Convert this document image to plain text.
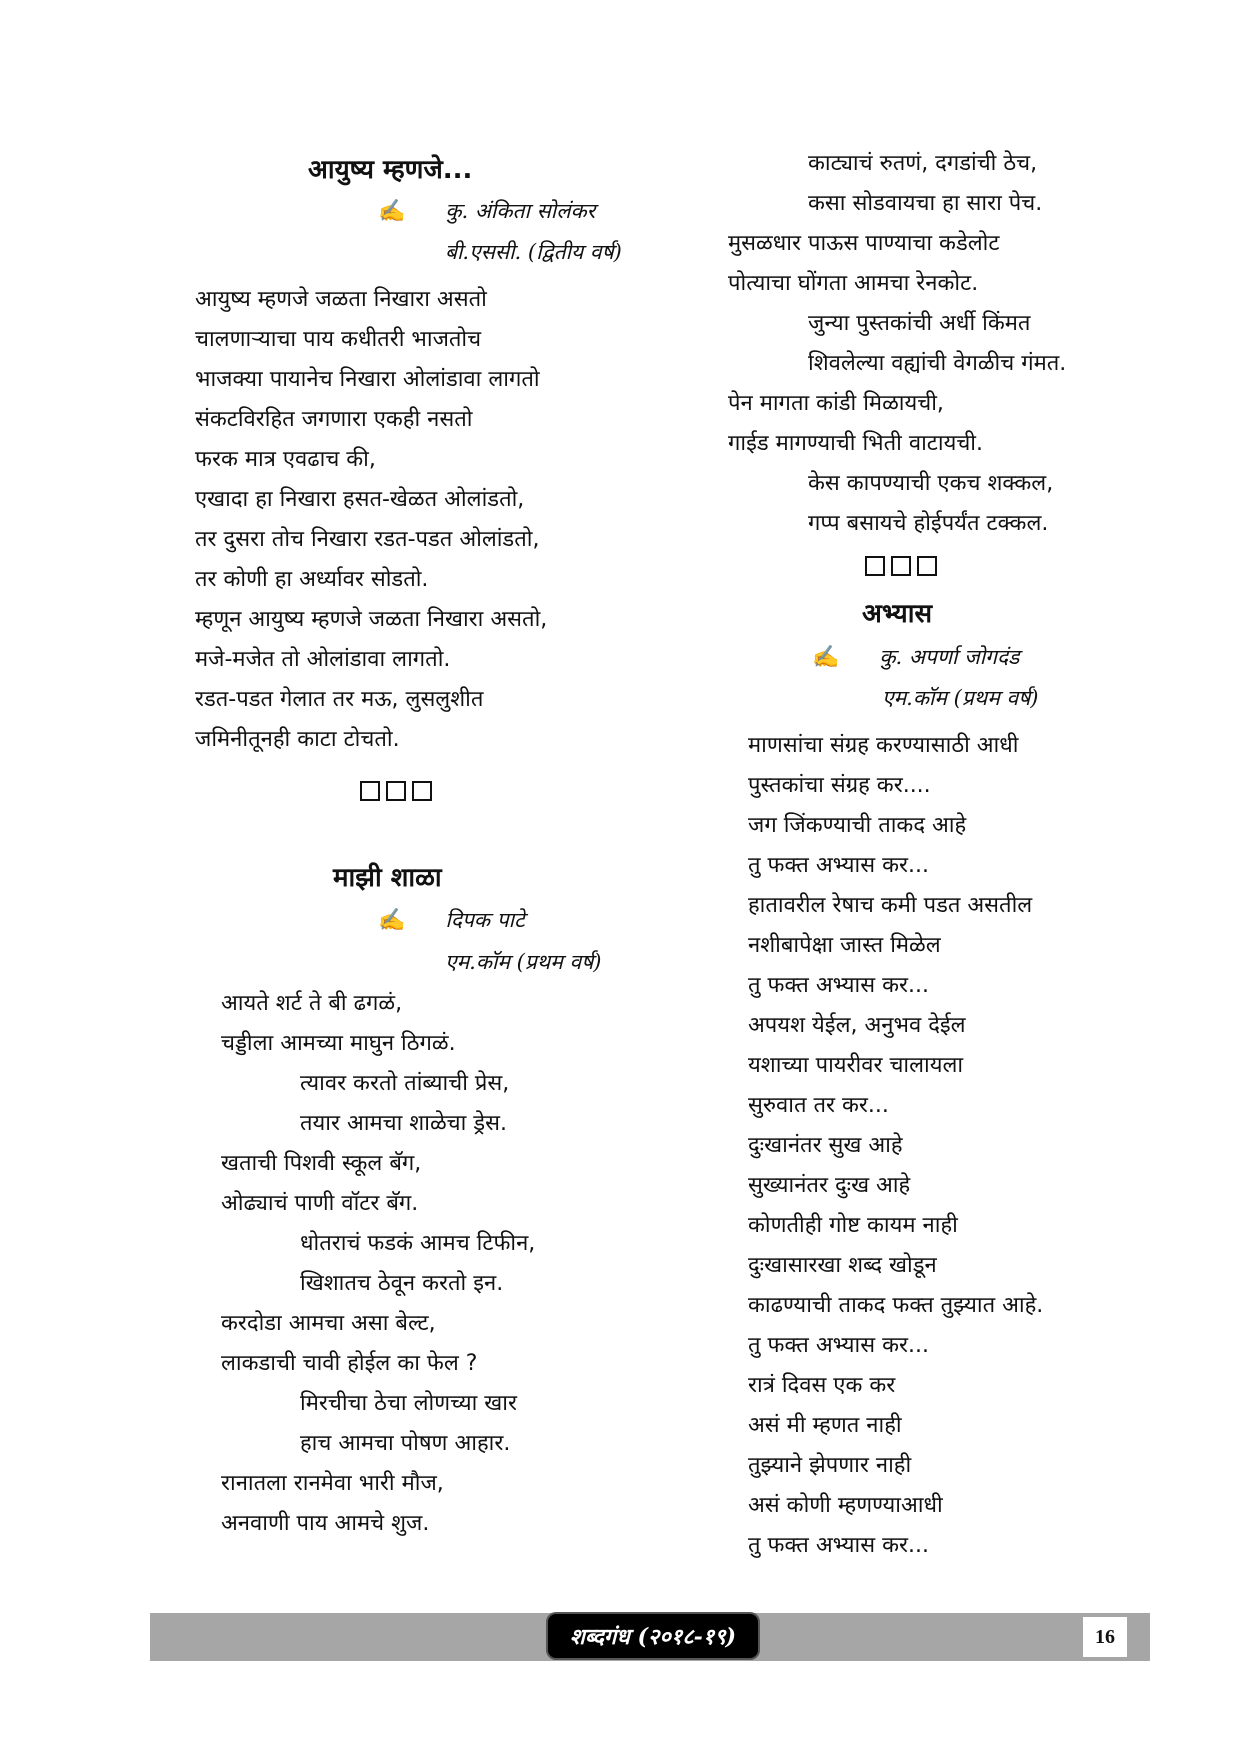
आयुष्य म्हणजे...
✍ कु. अंकिता सोलंकर
बी.एससी. (द्वितीय वर्ष)
आयुष्य म्हणजे जळता निखारा असतो
चालणाऱ्याचा पाय कधीतरी भाजतोच
भाजक्या पायानेच निखारा ओलांडावा लागतो
संकटविरहित जगणारा एकही नसतो
फरक मात्र एवढाच की,
एखादा हा निखारा हसत-खेळत ओलांडतो,
तर दुसरा तोच निखारा रडत-पडत ओलांडतो,
तर कोणी हा अर्ध्यावर सोडतो.
म्हणून आयुष्य म्हणजे जळता निखारा असतो,
मजे-मजेत तो ओलांडावा लागतो.
रडत-पडत गेलात तर मऊ, लुसलुशीत
जमिनीतूनही काटा टोचतो.
माझी शाळा
✍ दिपक पाटे
एम.कॉम (प्रथम वर्ष)
आयते शर्ट ते बी ढगळं,
चड्डीला आमच्या माघुन ठिगळं.
त्यावर करतो तांब्याची प्रेस,
तयार आमचा शाळेचा ड्रेस.
खताची पिशवी स्कूल बॅग,
ओढ्याचं पाणी वॉटर बॅग.
धोतराचं फडकं आमच टिफीन,
खिशातच ठेवून करतो इन.
करदोडा आमचा असा बेल्ट,
लाकडाची चावी होईल का फेल ?
मिरचीचा ठेचा लोणच्या खार
हाच आमचा पोषण आहार.
रानातला रानमेवा भारी मौज,
अनवाणी पाय आमचे शुज.
काट्याचं रुतणं, दगडांची ठेच,
कसा सोडवायचा हा सारा पेच.
मुसळधार पाऊस पाण्याचा कडेलोट
पोत्याचा घोंगता आमचा रेनकोट.
जुन्या पुस्तकांची अर्धी किंमत
शिवलेल्या वह्यांची वेगळीच गंमत.
पेन मागता कांडी मिळायची,
गाईड मागण्याची भिती वाटायची.
केस कापण्याची एकच शक्कल,
गप्प बसायचे होईपर्यंत टक्कल.
अभ्यास
✍ कु. अपर्णा जोगदंड
एम.कॉम (प्रथम वर्ष)
माणसांचा संग्रह करण्यासाठी आधी
पुस्तकांचा संग्रह कर....
जग जिंकण्याची ताकद आहे
तु फक्त अभ्यास कर...
हातावरील रेषाच कमी पडत असतील
नशीबापेक्षा जास्त मिळेल
तु फक्त अभ्यास कर...
अपयश येईल, अनुभव देईल
यशाच्या पायरीवर चालायला
सुरुवात तर कर...
दुःखानंतर सुख आहे
सुख्यानंतर दुःख आहे
कोणतीही गोष्ट कायम नाही
दुःखासारखा शब्द खोडून
काढण्याची ताकद फक्त तुझ्यात आहे.
तु फक्त अभ्यास कर...
रात्रं दिवस एक कर
असं मी म्हणत नाही
तुझ्याने झेपणार नाही
असं कोणी म्हणण्याआधी
तु फक्त अभ्यास कर...
शब्दगंध (२०१८-१९)	16
